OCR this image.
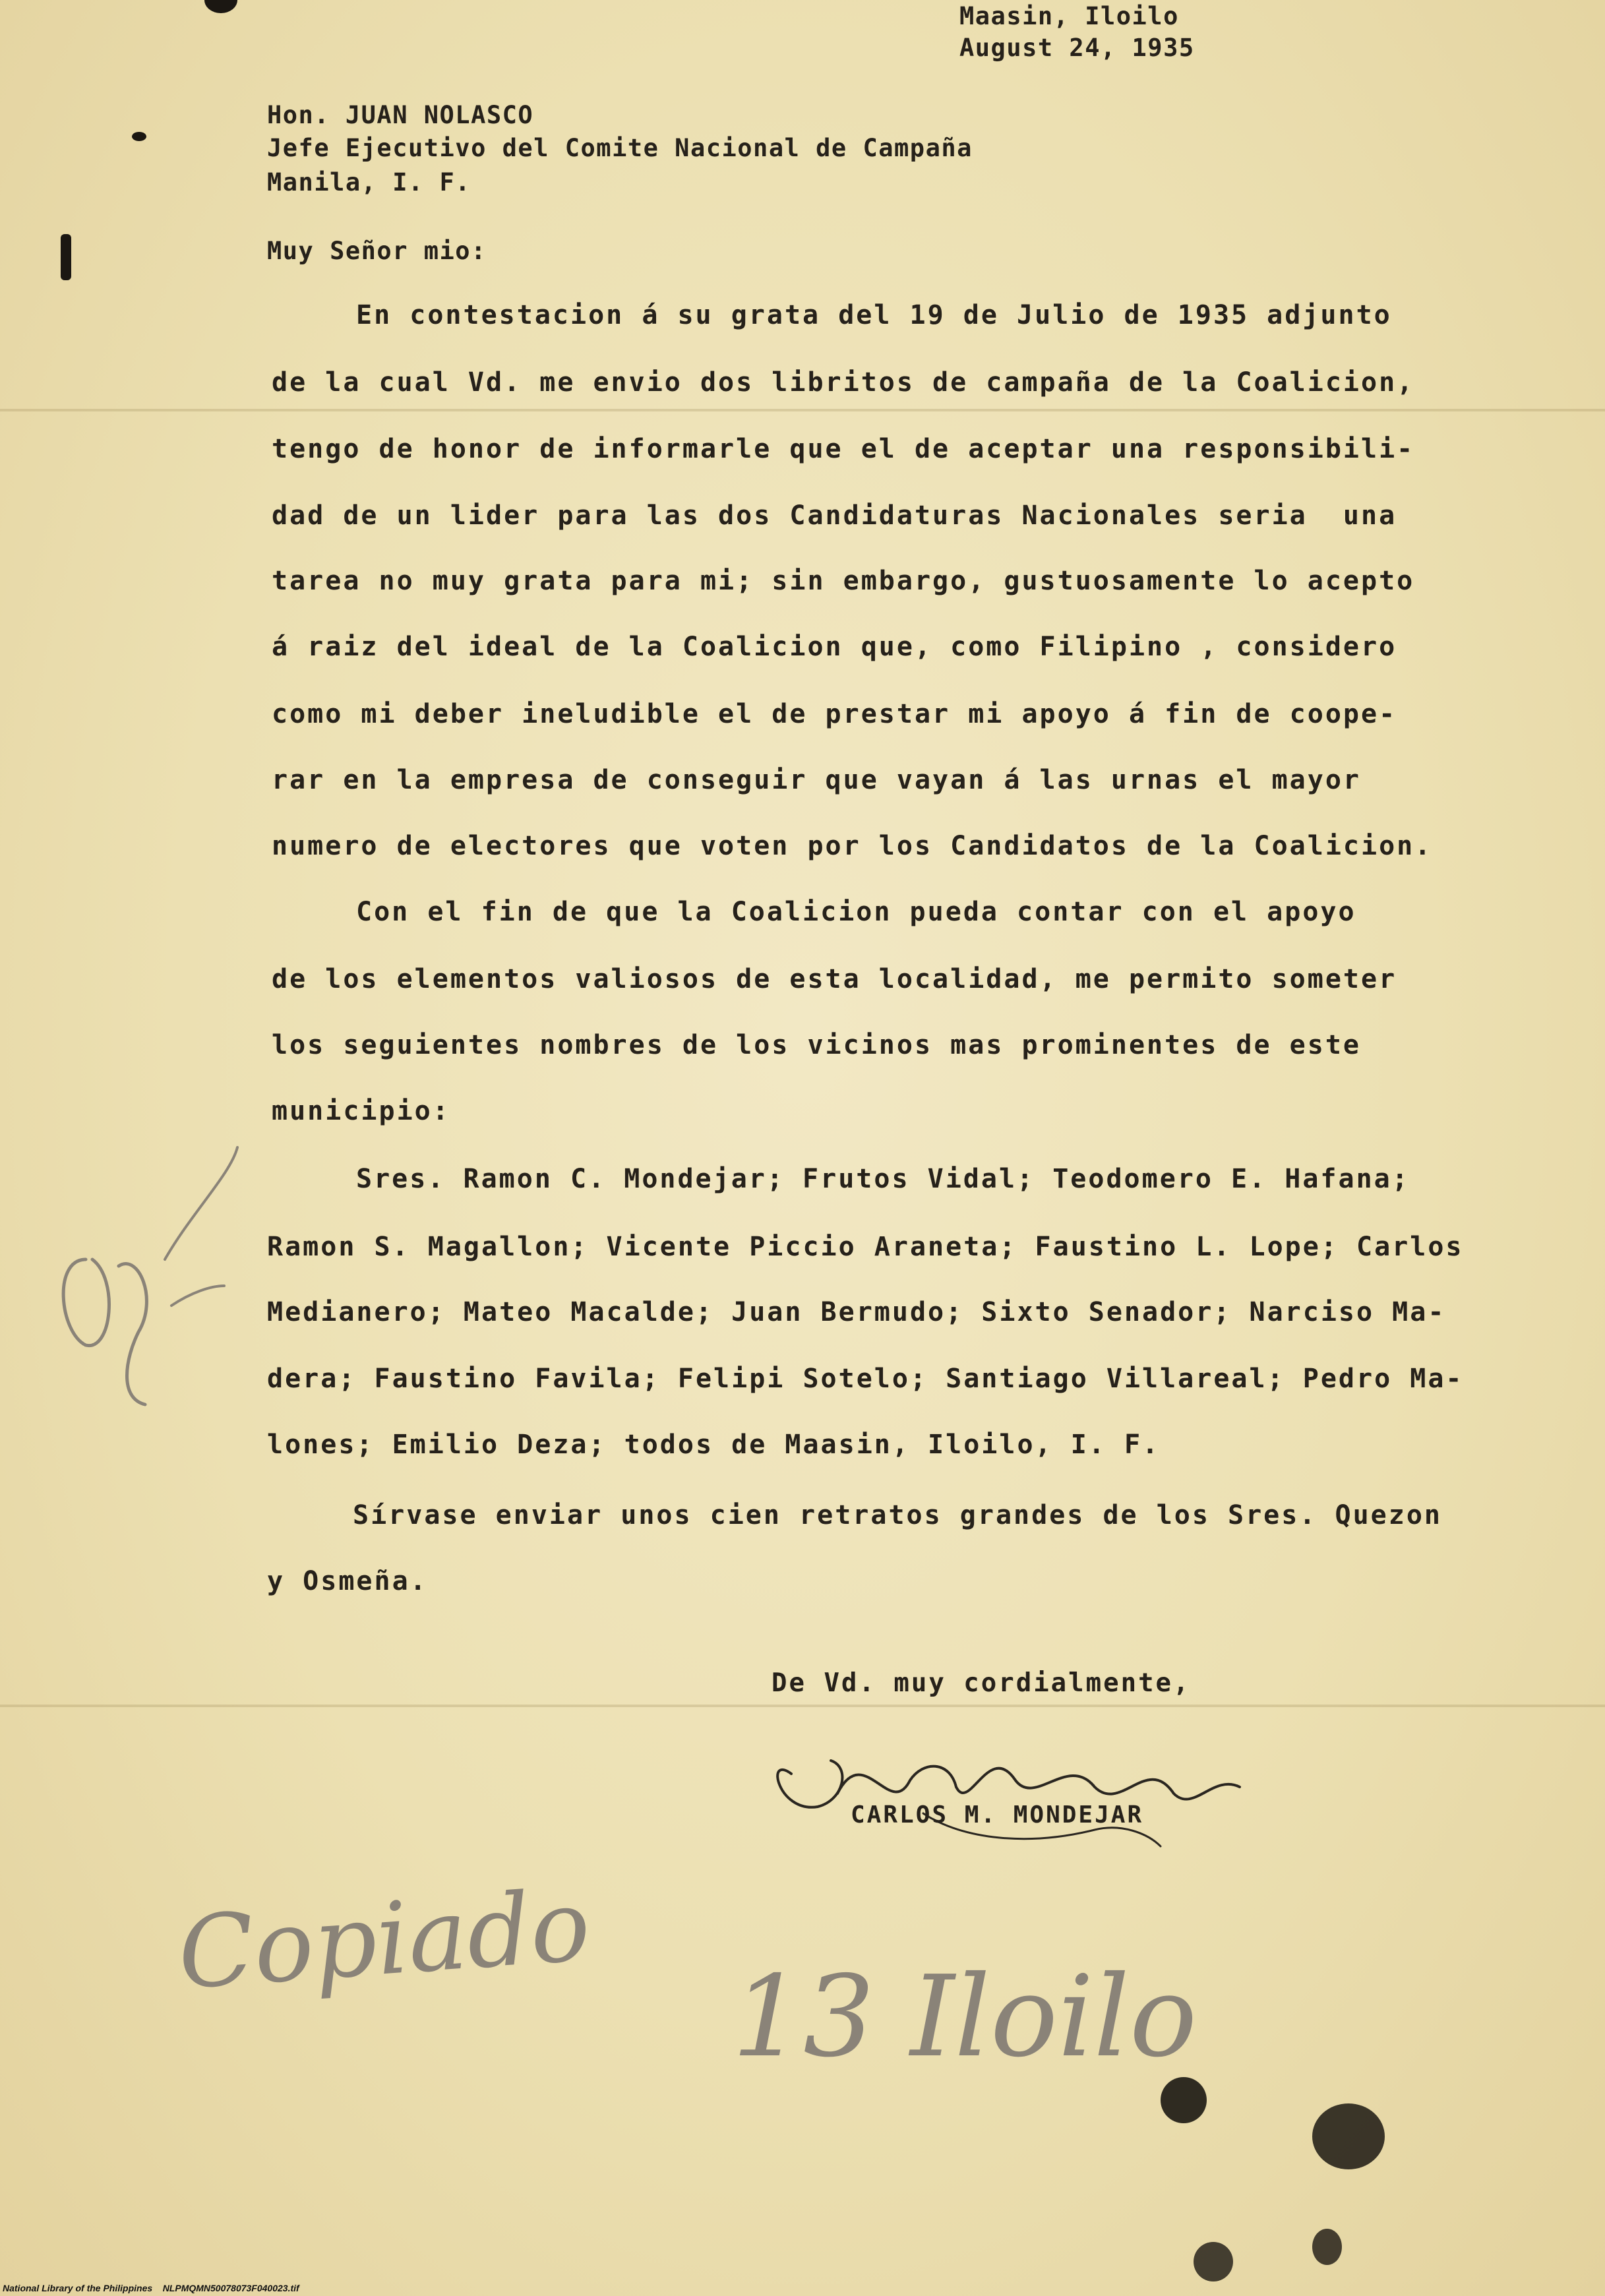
Maasin, Iloilo
August 24, 1935
Hon. JUAN NOLASCO
Jefe Ejecutivo del Comite Nacional de Campaña
Manila, I. F.
Muy Señor mio:
En contestacion á su grata del 19 de Julio de 1935 adjunto
de la cual Vd. me envio dos libritos de campaña de la Coalicion,
tengo de honor de informarle que el de aceptar una responsibili-
dad de un lider para las dos Candidaturas Nacionales seria  una
tarea no muy grata para mi; sin embargo, gustuosamente lo acepto
á raiz del ideal de la Coalicion que, como Filipino , considero
como mi deber ineludible el de prestar mi apoyo á fin de coope-
rar en la empresa de conseguir que vayan á las urnas el mayor
numero de electores que voten por los Candidatos de la Coalicion.
Con el fin de que la Coalicion pueda contar con el apoyo
de los elementos valiosos de esta localidad, me permito someter
los seguientes nombres de los vicinos mas prominentes de este
municipio:
Sres. Ramon C. Mondejar; Frutos Vidal; Teodomero E. Hafana;
Ramon S. Magallon; Vicente Piccio Araneta; Faustino L. Lope; Carlos
Medianero; Mateo Macalde; Juan Bermudo; Sixto Senador; Narciso Ma-
dera; Faustino Favila; Felipi Sotelo; Santiago Villareal; Pedro Ma-
lones; Emilio Deza; todos de Maasin, Iloilo, I. F.
Sírvase enviar unos cien retratos grandes de los Sres. Quezon
y Osmeña.
De Vd. muy cordialmente,
CARLOS M. MONDEJAR
Copiado
13 Iloilo
National Library of the Philippines    NLPMQMN50078073F040023.tif
